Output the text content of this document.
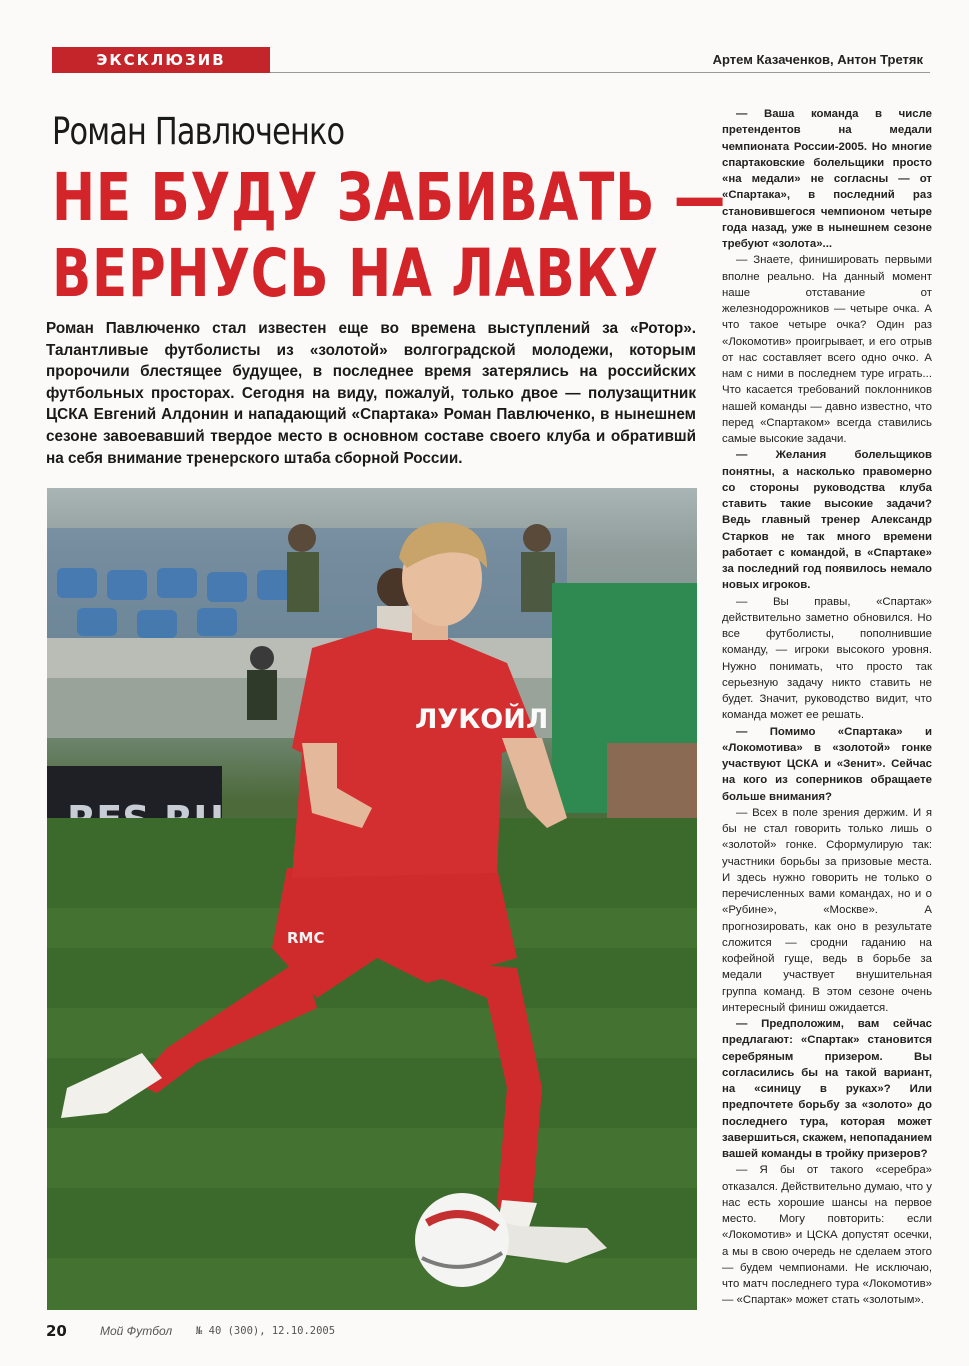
ЭКСКЛЮЗИВ	Артем Казаченков, Антон Третяк
Роман Павлюченко
НЕ БУДУ ЗАБИВАТЬ —
ВЕРНУСЬ НА ЛАВКУ
Роман Павлюченко стал известен еще во времена выступлений за «Ротор». Талантливые футболисты из «золотой» волгоградской молодежи, которым пророчили блестящее будущее, в последнее время затерялись на российских футбольных просторах. Сегодня на виду, пожалуй, только двое — полузащитник ЦСКА Евгений Алдонин и нападающий «Спартака» Роман Павлюченко, в нынешнем сезоне завоевавший твердое место в основном составе своего клуба и обратившй на себя внимание тренерского штаба сборной России.
RMC
ЛУКОЙЛ

— Ваша команда в числе претендентов на медали чемпионата России-2005. Но многие спартаковские болельщики просто «на медали» не согласны — от «Спартака», в последний раз становившегося чемпионом четыре года назад, уже в нынешнем сезоне требуют «золота»...

— Знаете, финишировать первыми вполне реально. На данный момент наше отставание от железнодорожников — четыре очка. А что такое четыре очка? Один раз «Локомотив» проигрывает, и его отрыв от нас составляет всего одно очко. А нам с ними в последнем туре играть... Что касается требований поклонников нашей команды — давно известно, что перед «Спартаком» всегда ставились самые высокие задачи.

— Желания болельщиков понятны, а насколько правомерно со стороны руководства клуба ставить такие высокие задачи? Ведь главный тренер Александр Старков не так много времени работает с командой, в «Спартаке» за последний год появилось немало новых игроков.

— Вы правы, «Спартак» действительно заметно обновился. Но все футболисты, пополнившие команду, — игроки высокого уровня. Нужно понимать, что просто так серьезную задачу никто ставить не будет. Значит, руководство видит, что команда может ее решать.

— Помимо «Спартака» и «Локомотива» в «золотой» гонке участвуют ЦСКА и «Зенит». Сейчас на кого из соперников обращаете больше внимания?

— Всех в поле зрения держим. И я бы не стал говорить только лишь о «золотой» гонке. Сформулирую так: участники борьбы за призовые места. И здесь нужно говорить не только о перечисленных вами командах, но и о «Рубине», «Москве». А прогнозировать, как оно в результате сложится — сродни гаданию на кофейной гуще, ведь в борьбе за медали участвует внушительная группа команд. В этом сезоне очень интересный финиш ожидается.

— Предположим, вам сейчас предлагают: «Спартак» становится серебряным призером. Вы согласились бы на такой вариант, на «синицу в руках»? Или предпочтете борьбу за «золото» до последнего тура, которая может завершиться, скажем, непопаданием вашей команды в тройку призеров?

— Я бы от такого «серебра» отказался. Действительно думаю, что у нас есть хорошие шансы на первое место. Могу повторить: если «Локомотив» и ЦСКА допустят осечки, а мы в свою очередь не сделаем этого — будем чемпионами. Не исключаю, что матч последнего тура «Локомотив» — «Спартак» может стать «золотым».

20	Мой Футбол № 40 (300), 12.10.2005
